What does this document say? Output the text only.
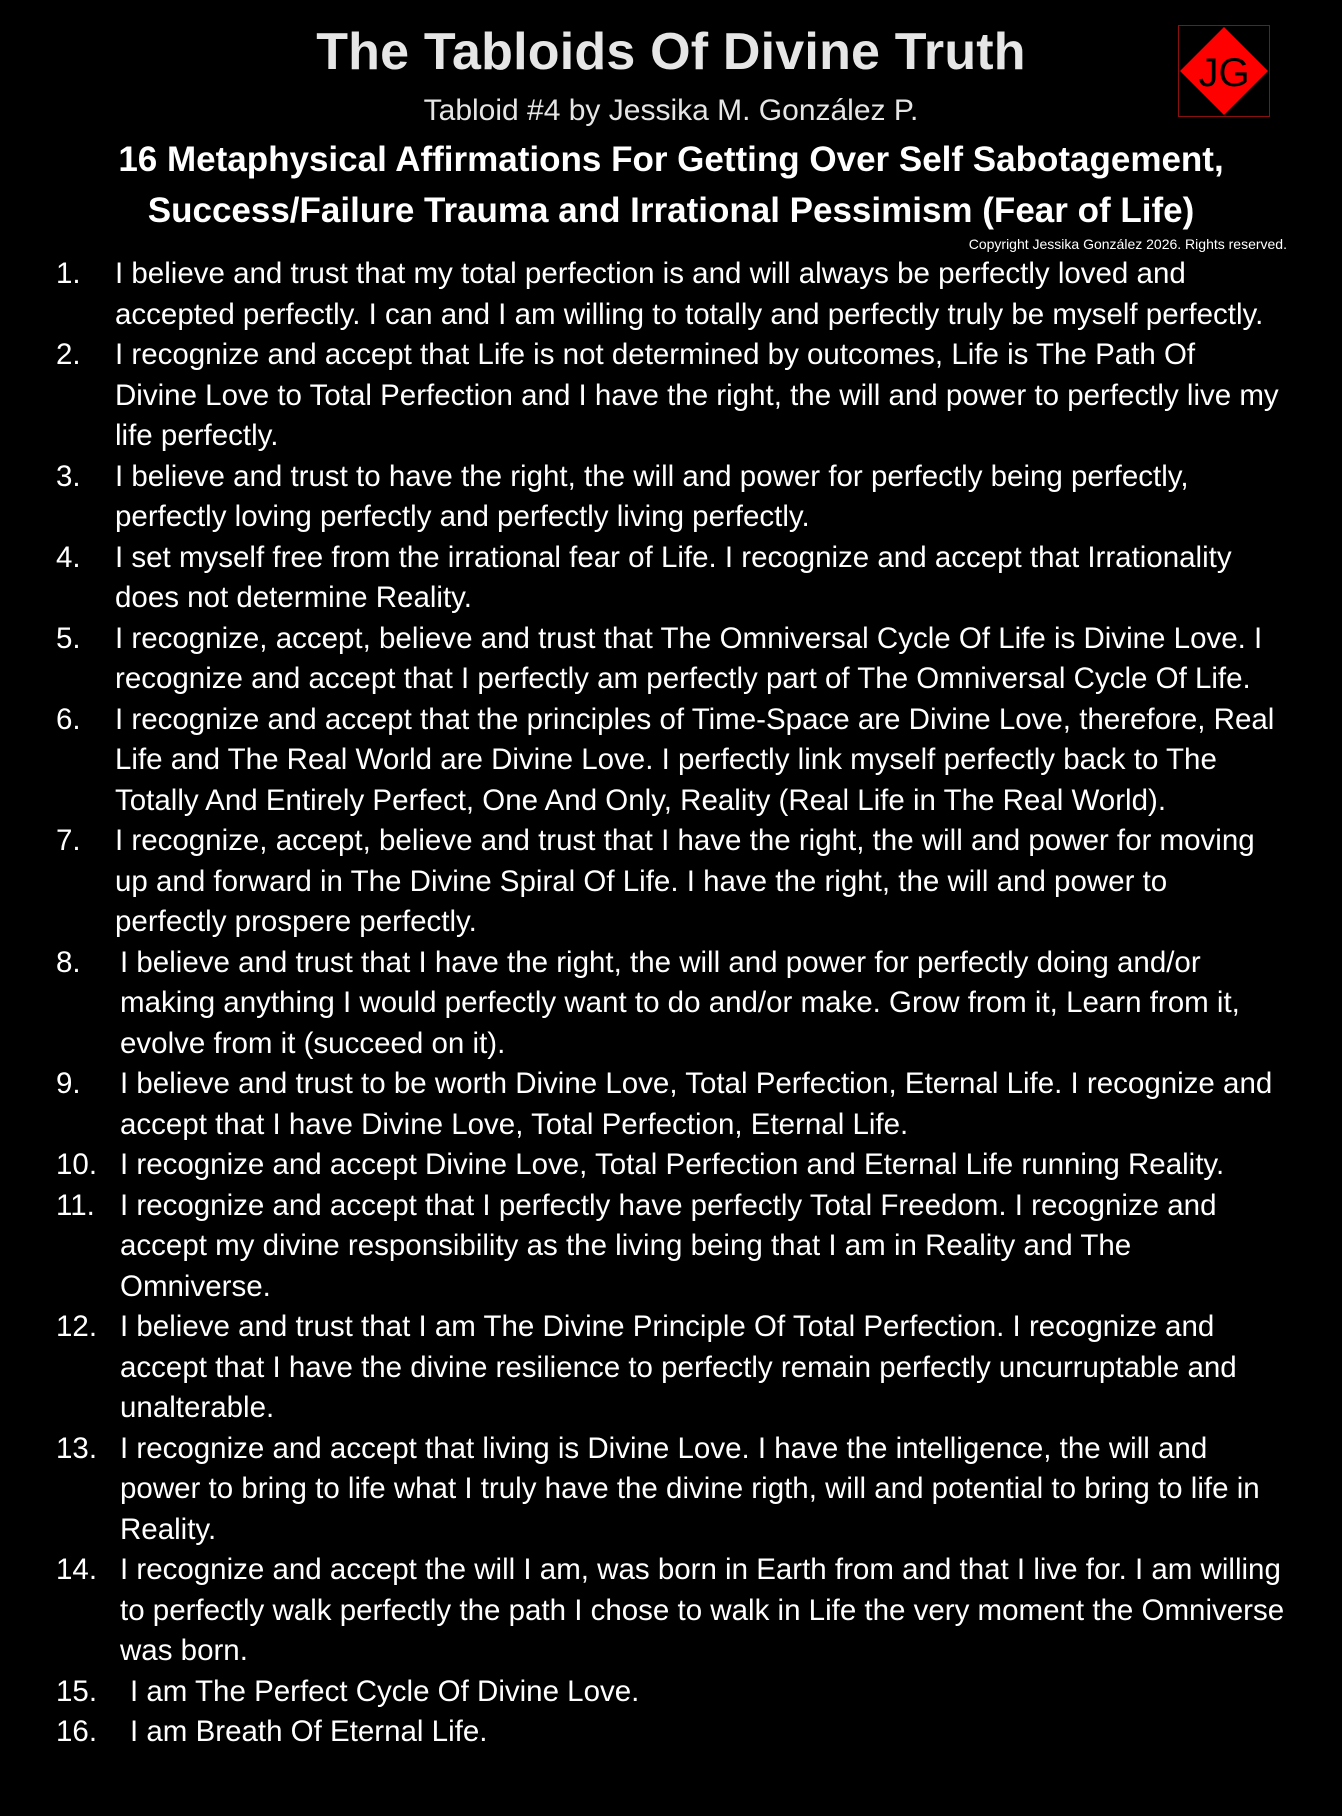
The Tabloids Of Divine Truth
Tabloid #4 by Jessika M. González P.
JG
16 Metaphysical Affirmations For Getting Over Self Sabotagement,
Success/Failure Trauma and Irrational Pessimism (Fear of Life)
Copyright Jessika González 2026. Rights reserved.
1. I believe and trust that my total perfection is and will always be perfectly loved and accepted perfectly. I can and I am willing to totally and perfectly truly be myself perfectly.
2. I recognize and accept that Life is not determined by outcomes, Life is The Path Of Divine Love to Total Perfection and I have the right, the will and power to perfectly live my life perfectly.
3. I believe and trust to have the right, the will and power for perfectly being perfectly, perfectly loving perfectly and perfectly living perfectly.
4. I set myself free from the irrational fear of Life. I recognize and accept that Irrationality does not determine Reality.
5. I recognize, accept, believe and trust that The Omniversal Cycle Of Life is Divine Love. I recognize and accept that I perfectly am perfectly part of The Omniversal Cycle Of Life.
6. I recognize and accept that the principles of Time-Space are Divine Love, therefore, Real Life and The Real World are Divine Love. I perfectly link myself perfectly back to The Totally And Entirely Perfect, One And Only, Reality (Real Life in The Real World).
7. I recognize, accept, believe and trust that I have the right, the will and power for moving up and forward in The Divine Spiral Of Life. I have the right, the will and power to perfectly prospere perfectly.
8. I believe and trust that I have the right, the will and power for perfectly doing and/or making anything I would perfectly want to do and/or make. Grow from it, Learn from it, evolve from it (succeed on it).
9. I believe and trust to be worth Divine Love, Total Perfection, Eternal Life. I recognize and accept that I have Divine Love, Total Perfection, Eternal Life.
10. I recognize and accept Divine Love, Total Perfection and Eternal Life running Reality.
11. I recognize and accept that I perfectly have perfectly Total Freedom. I recognize and accept my divine responsibility as the living being that I am in Reality and The Omniverse.
12. I believe and trust that I am The Divine Principle Of Total Perfection. I recognize and accept that I have the divine resilience to perfectly remain perfectly uncurruptable and unalterable.
13. I recognize and accept that living is Divine Love. I have the intelligence, the will and power to bring to life what I truly have the divine rigth, will and potential to bring to life in Reality.
14. I recognize and accept the will I am, was born in Earth from and that I live for. I am willing to perfectly walk perfectly the path I chose to walk in Life the very moment the Omniverse was born.
15. I am The Perfect Cycle Of Divine Love.
16. I am Breath Of Eternal Life.
